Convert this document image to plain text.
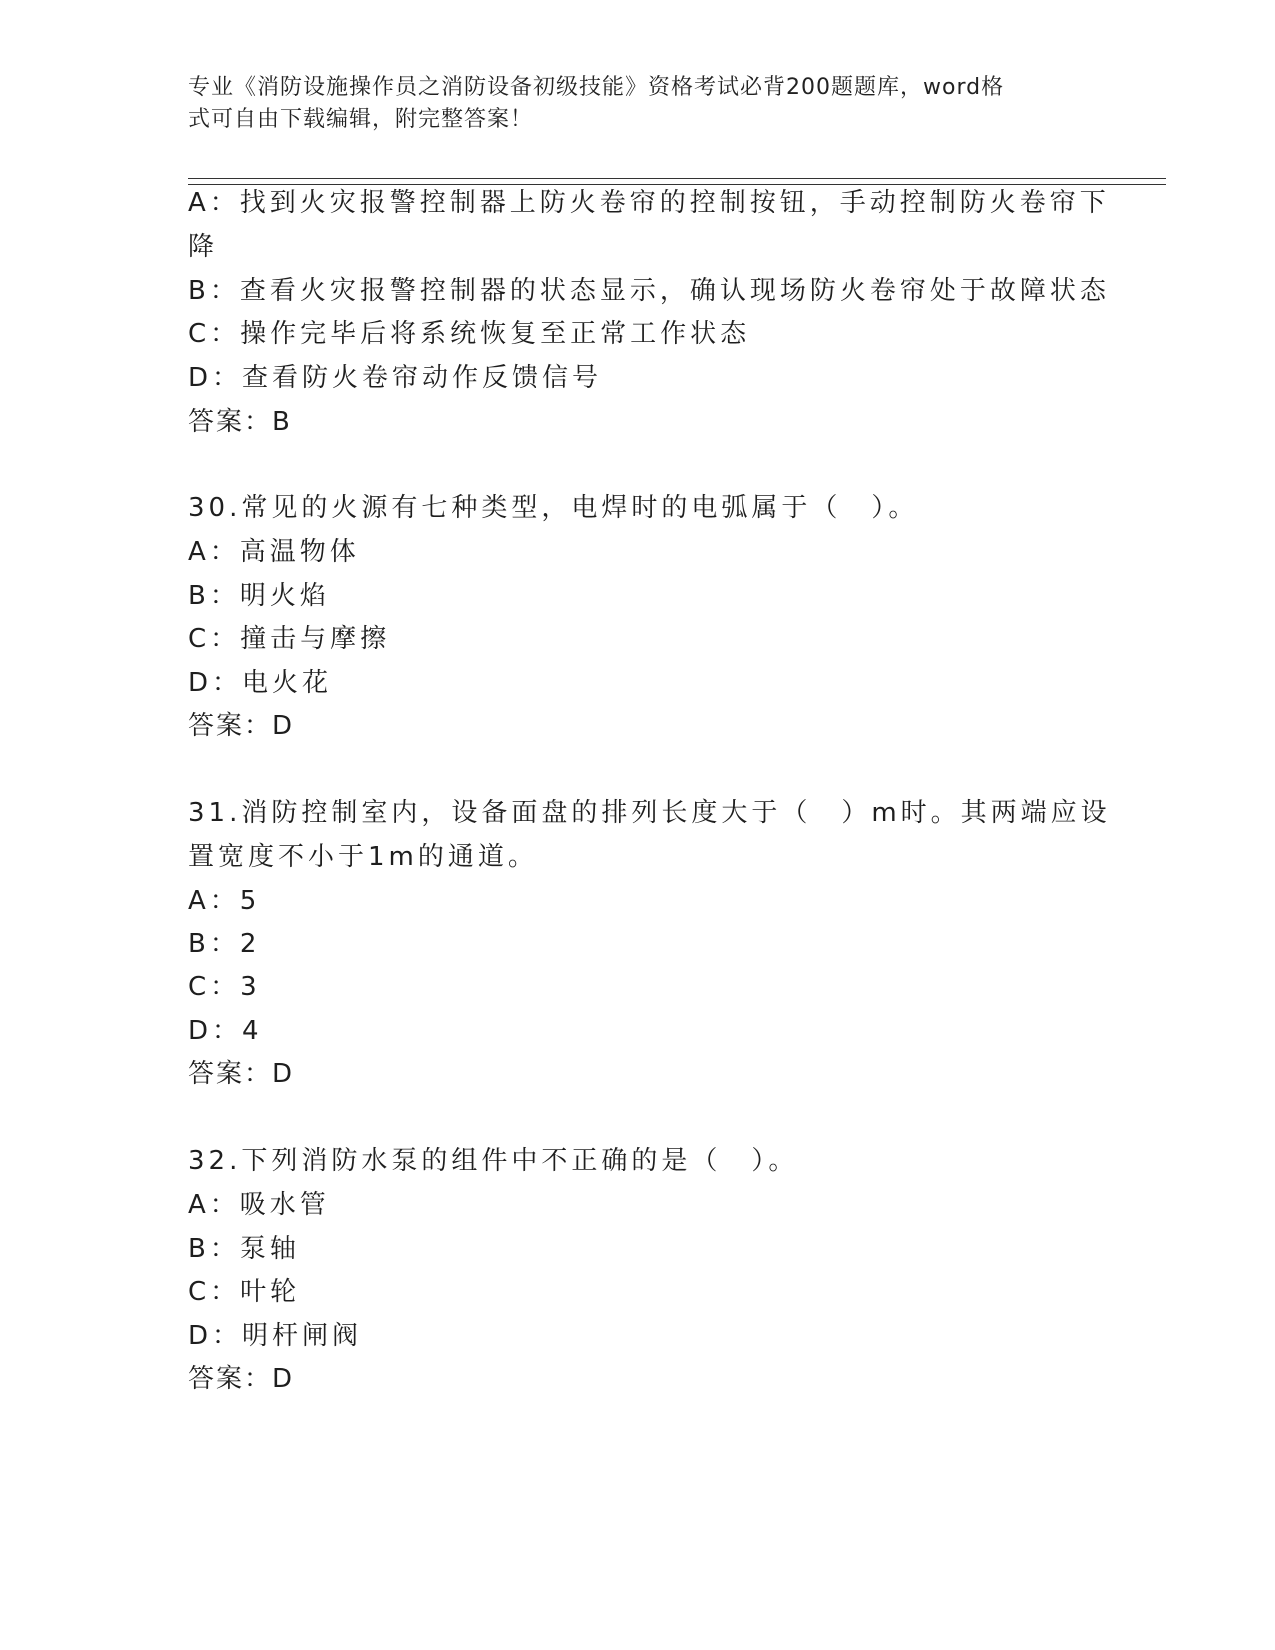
专业《消防设施操作员之消防设备初级技能》资格考试必背200题题库，word格
式可自由下载编辑，附完整答案！
A：找到火灾报警控制器上防火卷帘的控制按钮，手动控制防火卷帘下
降
B：查看火灾报警控制器的状态显示，确认现场防火卷帘处于故障状态
C：操作完毕后将系统恢复至正常工作状态
D：查看防火卷帘动作反馈信号
答案：B
30.常见的火源有七种类型，电焊时的电弧属于（　）。
A：高温物体
B：明火焰
C：撞击与摩擦
D：电火花
答案：D
31.消防控制室内，设备面盘的排列长度大于（　）m时。其两端应设
置宽度不小于1m的通道。
A：5
B：2
C：3
D：4
答案：D
32.下列消防水泵的组件中不正确的是（　）。
A：吸水管
B：泵轴
C：叶轮
D：明杆闸阀
答案：D
